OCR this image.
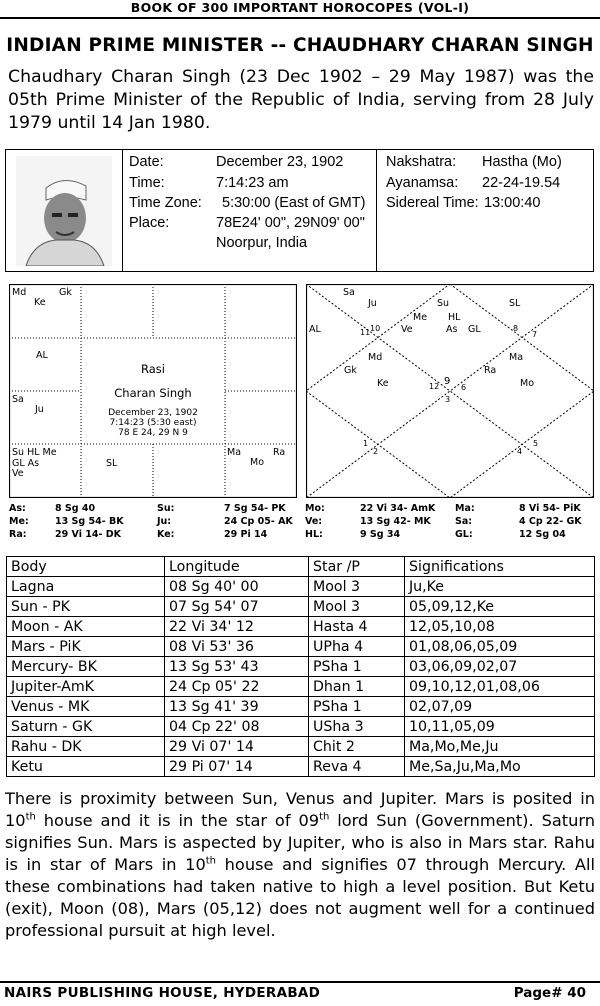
BOOK OF 300 IMPORTANT HOROCOPES (VOL-I)
INDIAN PRIME MINISTER -- CHAUDHARY CHARAN SINGH
Chaudhary Charan Singh (23 Dec 1902 – 29 May 1987) was the 05th Prime Minister of the Republic of India, serving from 28 July 1979 until 14 Jan 1980.
Date:	December 23, 1902
Time:	7:14:23 am
Time Zone: 5:30:00 (East of GMT)
Place:	78E24' 00", 29N09' 00"
Noorpur, India
Nakshatra: Hastha (Mo)
Ayanamsa: 22-24-19.54
Sidereal Time: 13:00:40
Md	Gk
Ke
AL
Sa
Ju
Su HL Me
GL As
Ve
SL
Ma	Ra
Mo
Rasi
Charan Singh
December 23, 1902
7:14:23 (5:30 east)
78 E 24, 29 N 9
Sa
Ju	Su	SL
Me HL
AL	11 10 Ve	As GL	8
7
Md	Ma
Gk	Ra
Ke	Mo
12 9
6
3
1
2	4
5
As:	8 Sg 40	Su:	7 Sg 54- PK Mo:	22 Vi 34- AmK Ma:	8 Vi 54- PiK
Me:	13 Sg 54- BK	Ju:	24 Cp 05- AK Ve:	13 Sg 42- MK	Sa:	4 Cp 22- GK
Ra:	29 Vi 14- DK	Ke:	29 Pi 14	HL:	9 Sg 34	GL:	12 Sg 04
Body	Longitude	Star /P	Significations
Lagna	08 Sg 40' 00	Mool 3	Ju,Ke
Sun - PK	07 Sg 54' 07	Mool 3	05,09,12,Ke
Moon - AK	22 Vi 34' 12	Hasta 4	12,05,10,08
Mars - PiK	08 Vi 53' 36	UPha 4	01,08,06,05,09
Mercury- BK	13 Sg 53' 43	PSha 1	03,06,09,02,07
Jupiter-AmK	24 Cp 05' 22	Dhan 1	09,10,12,01,08,06
Venus - MK	13 Sg 41' 39	PSha 1	02,07,09
Saturn - GK	04 Cp 22' 08	USha 3	10,11,05,09
Rahu - DK	29 Vi 07' 14	Chit 2	Ma,Mo,Me,Ju
Ketu	29 Pi 07' 14	Reva 4	Me,Sa,Ju,Ma,Mo
There is proximity between Sun, Venus and Jupiter. Mars is posited in 10th house and it is in the star of 09th lord Sun (Government). Saturn signifies Sun. Mars is aspected by Jupiter, who is also in Mars star. Rahu is in star of Mars in 10th house and signifies 07 through Mercury. All these combinations had taken native to high a level position. But Ketu (exit), Moon (08), Mars (05,12) does not augment well for a continued professional pursuit at high level.
NAIRS PUBLISHING HOUSE, HYDERABAD	Page# 40
